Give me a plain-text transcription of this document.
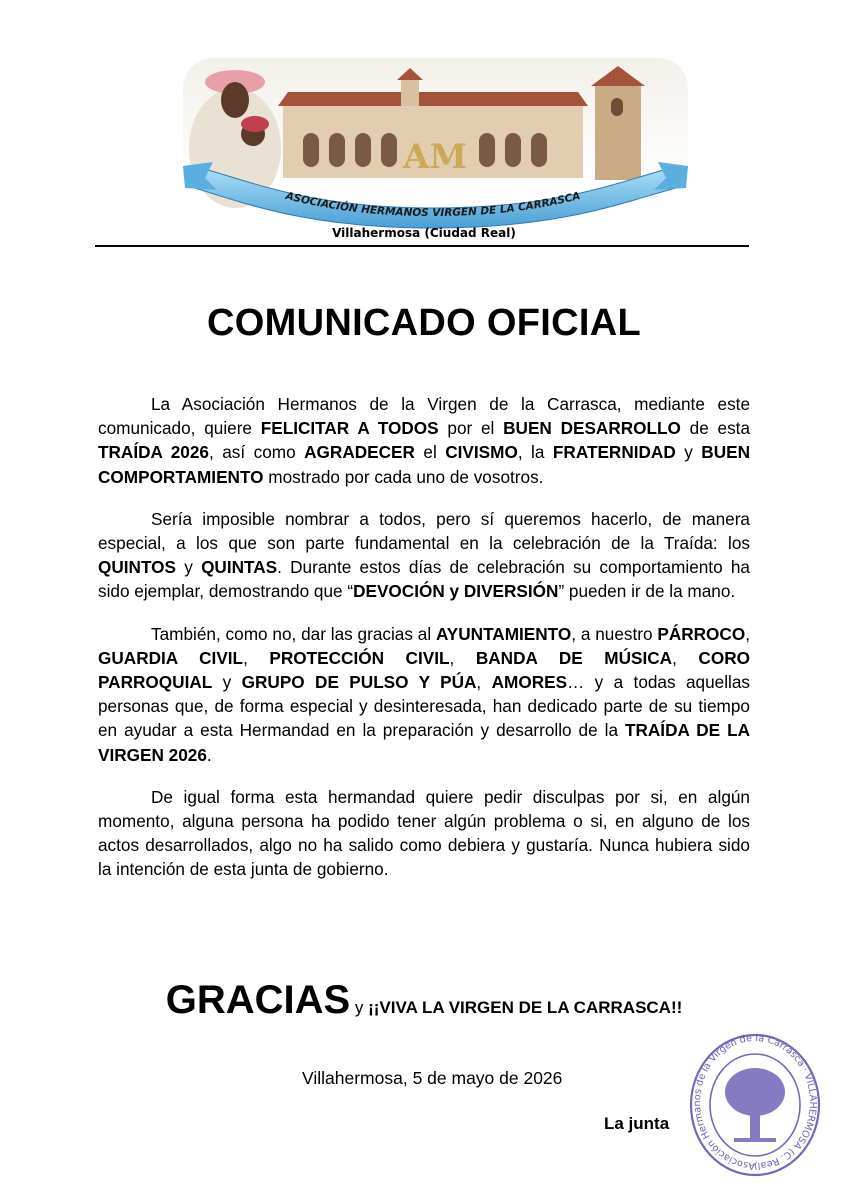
AM
ASOCIACIÓN HERMANOS VIRGEN DE LA CARRASCA
Villahermosa (Ciudad Real)
COMUNICADO OFICIAL

La Asociación Hermanos de la Virgen de la Carrasca, mediante este comunicado, quiere FELICITAR A TODOS por el BUEN DESARROLLO de esta TRAÍDA 2026, así como AGRADECER el CIVISMO, la FRATERNIDAD y BUEN COMPORTAMIENTO mostrado por cada uno de vosotros.

Sería imposible nombrar a todos, pero sí queremos hacerlo, de manera especial, a los que son parte fundamental en la celebración de la Traída: los QUINTOS y QUINTAS. Durante estos días de celebración su comportamiento ha sido ejemplar, demostrando que “DEVOCIÓN y DIVERSIÓN” pueden ir de la mano.

También, como no, dar las gracias al AYUNTAMIENTO, a nuestro PÁRROCO, GUARDIA CIVIL, PROTECCIÓN CIVIL, BANDA DE MÚSICA, CORO PARROQUIAL y GRUPO DE PULSO Y PÚA, AMORES… y a todas aquellas personas que, de forma especial y desinteresada, han dedicado parte de su tiempo en ayudar a esta Hermandad en la preparación y desarrollo de la TRAÍDA DE LA VIRGEN 2026.

De igual forma esta hermandad quiere pedir disculpas por si, en algún momento, alguna persona ha podido tener algún problema o si, en alguno de los actos desarrollados, algo no ha salido como debiera y gustaría. Nunca hubiera sido la intención de esta junta de gobierno.

GRACIAS y ¡¡VIVA LA VIRGEN DE LA CARRASCA!!
Villahermosa, 5 de mayo de 2026
La junta
Asociación Hermanos de la Virgen de la Carrasca · VILLAHERMOSA (C. Real)
